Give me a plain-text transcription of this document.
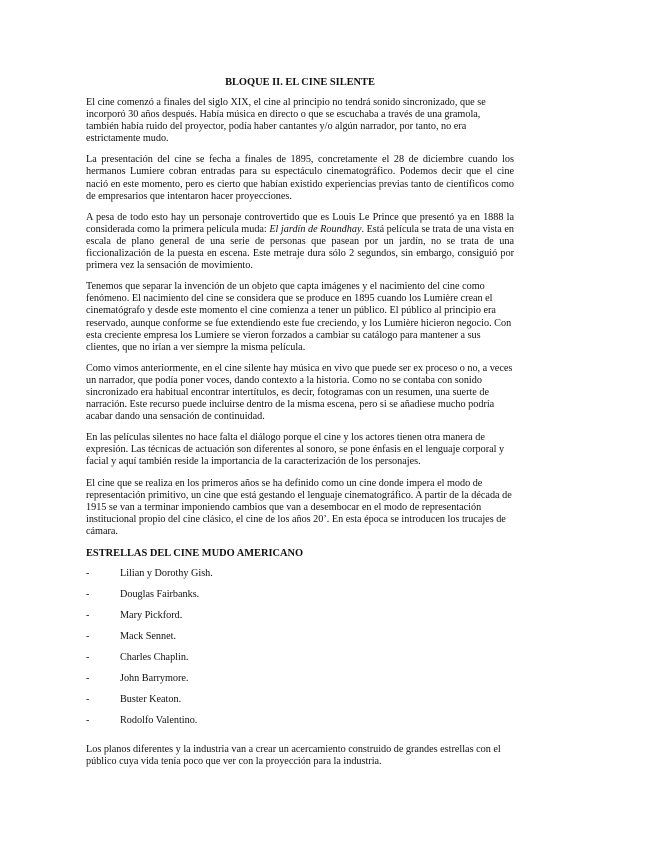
BLOQUE II. EL CINE SILENTE

El cine comenzó a finales del siglo XIX, el cine al principio no tendrá sonido sincronizado, que se incorporó 30 años después. Había música en directo o que se escuchaba a través de una gramola, también había ruido del proyector, podía haber cantantes y/o algún narrador, por tanto, no era estrictamente mudo.

La presentación del cine se fecha a finales de 1895, concretamente el 28 de diciembre cuando los hermanos Lumiere cobran entradas para su espectáculo cinematográfico. Podemos decir que el cine nació en este momento, pero es cierto que habían existido experiencias previas tanto de científicos como de empresarios que intentaron hacer proyecciones.

A pesa de todo esto hay un personaje controvertido que es Louis Le Prince que presentó ya en 1888 la considerada como la primera película muda: El jardín de Roundhay. Está película se trata de una vista en escala de plano general de una serie de personas que pasean por un jardín, no se trata de una ficcionalización de la puesta en escena. Este metraje dura sólo 2 segundos, sin embargo, consiguió por primera vez la sensación de movimiento.

Tenemos que separar la invención de un objeto que capta imágenes y el nacimiento del cine como fenómeno. El nacimiento del cine se considera que se produce en 1895 cuando los Lumière crean el cinematógrafo y desde este momento el cine comienza a tener un público. El público al principio era reservado, aunque conforme se fue extendiendo este fue creciendo, y los Lumière hicieron negocio. Con esta creciente empresa los Lumiere se vieron forzados a cambiar su catálogo para mantener a sus clientes, que no irían a ver siempre la misma película.

Como vimos anteriormente, en el cine silente hay música en vivo que puede ser ex proceso o no, a veces un narrador, que podía poner voces, dando contexto a la historia. Como no se contaba con sonido sincronizado era habitual encontrar intertítulos, es decir, fotogramas con un resumen, una suerte de narración. Este recurso puede incluirse dentro de la misma escena, pero si se añadiese mucho podría acabar dando una sensación de continuidad.

En las películas silentes no hace falta el diálogo porque el cine y los actores tienen otra manera de expresión. Las técnicas de actuación son diferentes al sonoro, se pone énfasis en el lenguaje corporal y facial y aquí también reside la importancia de la caracterización de los personajes.

El cine que se realiza en los primeros años se ha definido como un cine donde impera el modo de representación primitivo, un cine que está gestando el lenguaje cinematográfico. A partir de la década de 1915 se van a terminar imponiendo cambios que van a desembocar en el modo de representación institucional propio del cine clásico, el cine de los años 20’. En esta época se introducen los trucajes de cámara.

ESTRELLAS DEL CINE MUDO AMERICANO
-	Lilian y Dorothy Gish.
-	Douglas Fairbanks.
-	Mary Pickford.
-	Mack Sennet.
-	Charles Chaplin.
-	John Barrymore.
-	Buster Keaton.
-	Rodolfo Valentino.

Los planos diferentes y la industria van a crear un acercamiento construido de grandes estrellas con el público cuya vida tenía poco que ver con la proyección para la industria.
